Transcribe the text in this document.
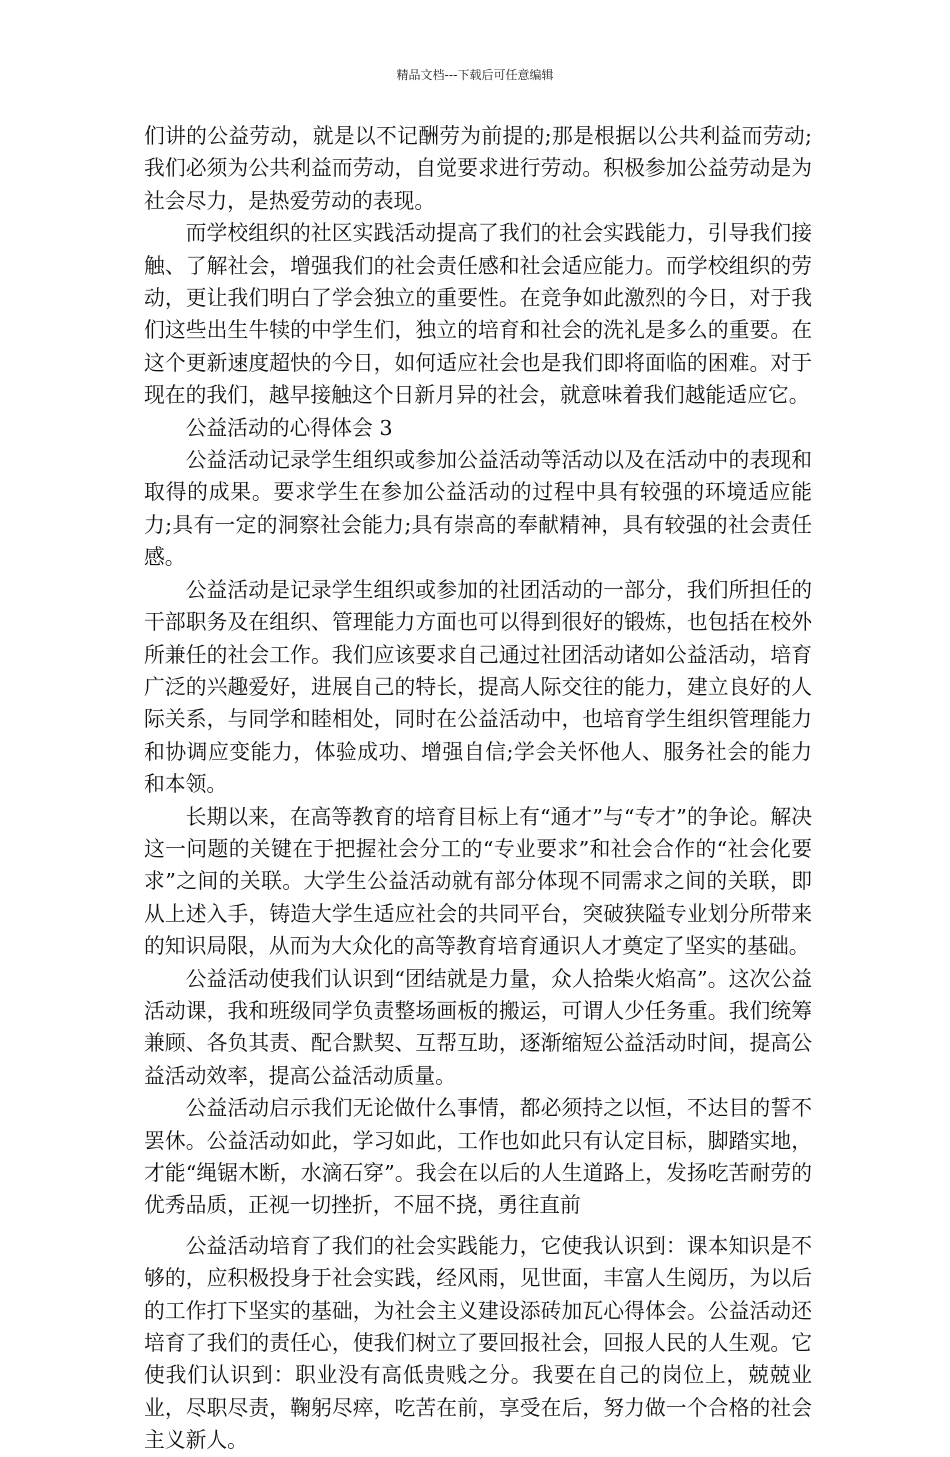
精品文档---下载后可任意编辑

们讲的公益劳动，就是以不记酬劳为前提的;那是根据以公共利益而劳动;我们必须为公共利益而劳动，自觉要求进行劳动。积极参加公益劳动是为社会尽力，是热爱劳动的表现。

而学校组织的社区实践活动提高了我们的社会实践能力，引导我们接触、了解社会，增强我们的社会责任感和社会适应能力。而学校组织的劳动，更让我们明白了学会独立的重要性。在竞争如此激烈的今日，对于我们这些出生牛犊的中学生们，独立的培育和社会的洗礼是多么的重要。在这个更新速度超快的今日，如何适应社会也是我们即将面临的困难。对于现在的我们，越早接触这个日新月异的社会，就意味着我们越能适应它。

公益活动的心得体会 3

公益活动记录学生组织或参加公益活动等活动以及在活动中的表现和取得的成果。要求学生在参加公益活动的过程中具有较强的环境适应能力;具有一定的洞察社会能力;具有崇高的奉献精神，具有较强的社会责任感。

公益活动是记录学生组织或参加的社团活动的一部分，我们所担任的干部职务及在组织、管理能力方面也可以得到很好的锻炼，也包括在校外所兼任的社会工作。我们应该要求自己通过社团活动诸如公益活动，培育广泛的兴趣爱好，进展自己的特长，提高人际交往的能力，建立良好的人际关系，与同学和睦相处，同时在公益活动中，也培育学生组织管理能力和协调应变能力，体验成功、增强自信;学会关怀他人、服务社会的能力和本领。

长期以来，在高等教育的培育目标上有“通才”与“专才”的争论。解决这一问题的关键在于把握社会分工的“专业要求”和社会合作的“社会化要求”之间的关联。大学生公益活动就有部分体现不同需求之间的关联，即从上述入手，铸造大学生适应社会的共同平台，突破狭隘专业划分所带来的知识局限，从而为大众化的高等教育培育通识人才奠定了坚实的基础。

公益活动使我们认识到“团结就是力量，众人拾柴火焰高”。这次公益活动课，我和班级同学负责整场画板的搬运，可谓人少任务重。我们统筹兼顾、各负其责、配合默契、互帮互助，逐渐缩短公益活动时间，提高公益活动效率，提高公益活动质量。

公益活动启示我们无论做什么事情，都必须持之以恒，不达目的誓不罢休。公益活动如此，学习如此，工作也如此只有认定目标，脚踏实地，才能“绳锯木断，水滴石穿”。我会在以后的人生道路上，发扬吃苦耐劳的优秀品质，正视一切挫折，不屈不挠，勇往直前

公益活动培育了我们的社会实践能力，它使我认识到：课本知识是不够的，应积极投身于社会实践，经风雨，见世面，丰富人生阅历，为以后的工作打下坚实的基础，为社会主义建设添砖加瓦心得体会。公益活动还培育了我们的责任心，使我们树立了要回报社会，回报人民的人生观。它使我们认识到：职业没有高低贵贱之分。我要在自己的岗位上，兢兢业业，尽职尽责，鞠躬尽瘁，吃苦在前，享受在后，努力做一个合格的社会主义新人。
